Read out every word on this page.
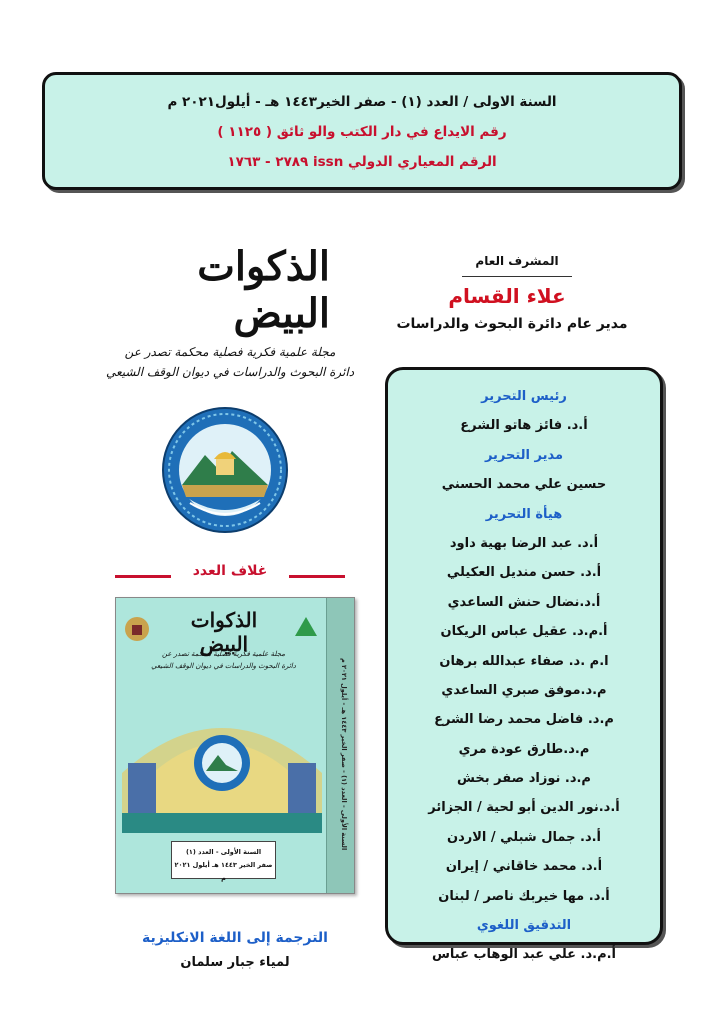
السنة الاولى / العدد (١) - صفر الخير١٤٤٣ هـ - أيلول٢٠٢١ م
رقم الايداع في دار الكتب والو ثائق ( ١١٢٥ )
الرقم المعياري الدولي issn ٢٧٨٩ - ١٧٦٣
المشرف العام
علاء القسام
مدير عام دائرة البحوث والدراسات
رئيس التحرير
أ.د. فائز هاتو الشرع
مدير التحرير
حسين علي محمد الحسني
هيأة التحرير
أ.د. عبد الرضا بهية داود
أ.د. حسن منديل العكيلي
أ.د.نضال حنش الساعدي
أ.م.د. عقيل عباس الريكان
ا.م .د. صفاء عبدالله برهان
م.د.موفق صبري الساعدي
م.د. فاضل محمد رضا الشرع
م.د.طارق عودة مري
م.د. نوزاد صفر بخش
أ.د.نور الدين أبو لحية / الجزائر
أ.د. جمال شبلي / الاردن
أ.د. محمد خاقاني / إيران
أ.د. مها خيربك ناصر / لبنان
التدقيق اللغوي
أ.م.د. علي عبد الوهاب عباس
الذكوات البيض
مجلة علمية فكرية فصلية محكمة تصدر عن
دائرة البحوث والدراسات في ديوان الوقف الشيعي
غلاف العدد
الذكوات البيض
مجلة علمية فكرية فصلية محكمة تصدر عن
دائرة البحوث والدراسات في ديوان الوقف الشيعي
السنة الأولى - العدد (١)
صفر الخير ١٤٤٣ هـ أيلول ٢٠٢١ م
السنة الأولى - العدد (١) - صفر الخير ١٤٤٣ هـ - أيلول ٢٠٢١ م
الترجمة إلى اللغة الانكليزية
لمياء جبار سلمان
